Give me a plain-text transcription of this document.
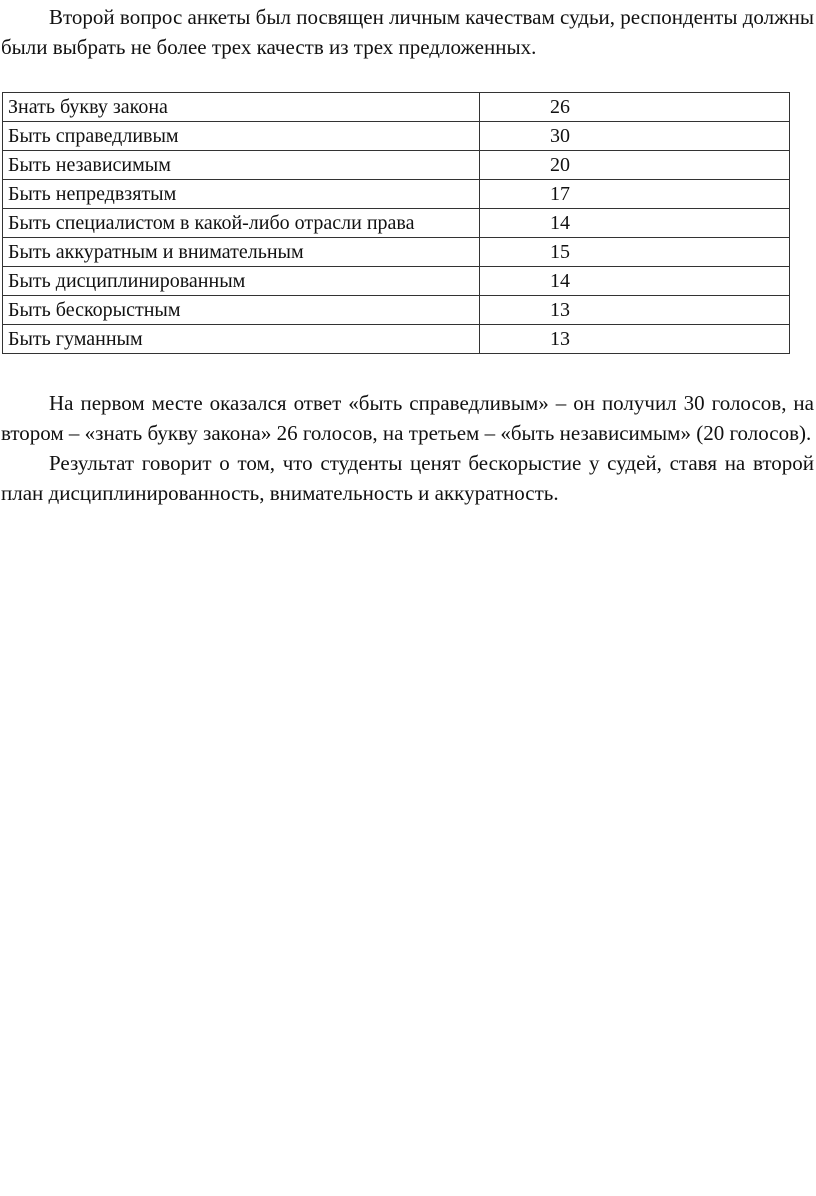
Второй вопрос анкеты был посвящен личным качествам судьи, респонденты должны были выбрать не более трех качеств из трех предложенных.

Знать букву закона	26
Быть справедливым	30
Быть независимым	20
Быть непредвзятым	17
Быть специалистом в какой-либо отрасли права	14
Быть аккуратным и внимательным	15
Быть дисциплинированным	14
Быть бескорыстным	13
Быть гуманным	13

На первом месте оказался ответ «быть справедливым» – он получил 30 голосов, на втором – «знать букву закона» 26 голосов, на третьем – «быть независимым» (20 голосов).

Результат говорит о том, что студенты ценят бескорыстие у судей, ставя на второй план дисциплинированность, внимательность и аккуратность.
